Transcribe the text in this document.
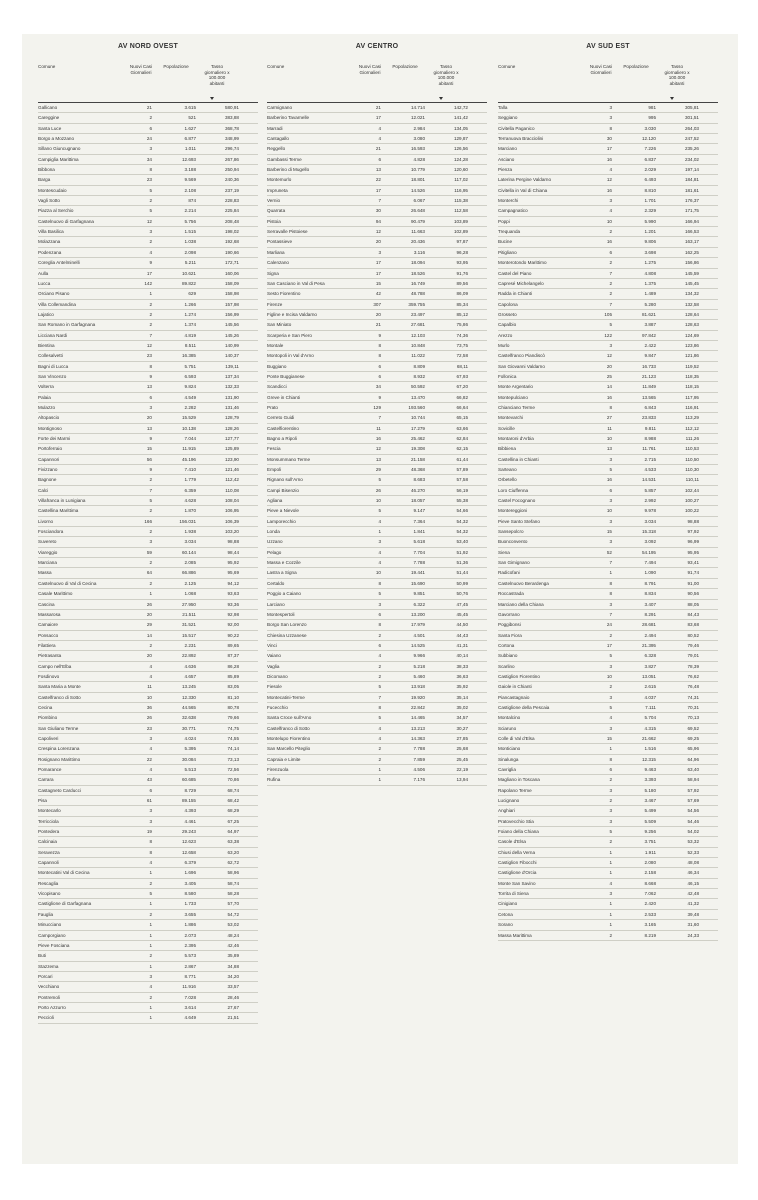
AV NORD OVEST
Comune	Nuovi Casi
Giornalieri
Popolazione	Tasso
giornaliero x
100.000
abitanti
Gallicano	21	3.615	580,91
Careggine	2	521	383,88
Santa Luce	6	1.627	368,78
Borgo a Mozzano	24	6.877	348,99
Sillano Giuncugnano	3	1.011	296,74
Campiglia Marittima	34	12.693	267,86
Bibbona	8	3.188	250,94
Barga	23	9.569	240,36
Montescudaio	5	2.108	237,19
Vagli Sotto	2	874	228,83
Piazza al Serchio	5	2.214	225,84
Castelnuovo di Garfagnana	12	5.756	208,48
Villa Basilica	3	1.515	198,02
Molazzana	2	1.038	192,68
Podenzana	4	2.098	190,66
Coreglia Antelminelli	9	5.211	172,71
Aulla	17	10.621	160,06
Lucca	142	89.822	158,09
Orciano Pisano	1	629	158,98
Villa Collemandina	2	1.266	157,98
Lajatico	2	1.274	156,99
San Romano in Garfagnana	2	1.374	145,56
Licciana Nardi	7	4.819	145,26
Bientina	12	8.511	140,99
Collesalvetti	23	16.385	140,37
Bagni di Lucca	8	5.751	139,11
San Vincenzo	9	6.593	137,34
Volterra	13	9.824	132,33
Palaia	6	4.549	131,90
Mulazzo	3	2.282	131,46
Altopascio	20	15.529	128,79
Montignoso	13	10.138	128,26
Forte dei Marmi	9	7.044	127,77
Portoferraio	15	11.915	125,89
Capannori	56	45.196	123,90
Fivizzano	9	7.410	121,46
Bagnone	2	1.779	112,42
Calci	7	6.359	110,08
Villafranca in Lunigiana	5	4.628	108,04
Castellina Marittima	2	1.870	106,95
Livorno	166	156.031	106,39
Fosciandora	2	1.938	103,20
Suvereto	3	3.034	98,88
Viareggio	59	60.144	98,44
Marciana	2	2.085	95,92
Massa	64	66.886	95,69
Castelnuovo di Val di Cecina	2	2.125	94,12
Casale Marittimo	1	1.068	93,63
Cascina	26	27.950	93,36
Massarosa	20	21.511	92,98
Camaiore	29	31.521	92,00
Ponsacco	14	15.517	90,22
Filattiera	2	2.231	89,65
Pietrasanta	20	22.892	87,37
Campo nell'Elba	4	4.636	86,28
Fosdinovo	4	4.657	85,89
Santa Maria a Monte	11	13.245	83,05
Castelfranco di Sotto	10	12.330	81,10
Cecina	36	44.565	80,78
Piombino	26	32.638	79,66
San Giuliano Terme	23	30.771	74,75
Capoliveri	3	4.024	74,55
Crespina Lorenzana	4	5.395	74,14
Rosignano Marittimo	22	30.084	73,13
Pomarance	4	5.513	72,56
Carrara	43	60.685	70,86
Castagneto Carducci	6	8.729	68,74
Pisa	61	89.155	68,42
Montecarlo	3	4.393	68,29
Terricciola	3	4.461	67,25
Pontedera	19	29.243	64,97
Calcinaia	8	12.623	63,38
Seravezza	8	12.658	63,20
Capannoli	4	6.379	62,72
Montecatini Val di Cecina	1	1.696	58,96
Rescaglia	2	3.405	58,74
Vicopisano	5	8.580	58,28
Castiglione di Garfagnana	1	1.733	57,70
Fauglia	2	3.655	54,72
Minucciano	1	1.886	53,02
Camporgiano	1	2.073	48,24
Pieve Fosciana	1	2.395	42,46
Buti	2	5.573	35,89
Stazzema	1	2.867	34,88
Porcari	3	8.771	34,20
Vecchiano	4	11.916	33,57
Pontremoli	2	7.028	28,46
Porto Azzurro	1	3.614	27,67
Peccioli	1	4.649	21,51
AV CENTRO
Comune	Nuovi Casi
Giornalieri
Popolazione	Tasso
giornaliero x
100.000
abitanti
Carmignano	21	14.714	142,72
Barberino Tavarnelle	17	12.021	141,42
Marradi	4	2.984	134,05
Cantagallo	4	3.080	129,87
Reggello	21	16.593	126,56
Gambassi Terme	6	4.828	124,28
Barberino di Mugello	13	10.779	120,60
Montemurlo	22	18.801	117,02
Impruneta	17	14.526	116,95
Vernio	7	6.067	115,38
Quarrata	30	26.648	112,58
Pistoia	94	90.479	103,89
Serravalle Pistoiese	12	11.663	102,89
Pontassieve	20	20.436	97,87
Marliana	3	3.116	96,28
Calenzano	17	18.094	93,95
Signa	17	18.526	91,76
San Casciano in Val di Pesa	15	16.749	89,56
Sesto Fiorentino	42	48.788	86,09
Firenze	307	359.755	85,34
Figline e Incisa Valdarno	20	23.497	85,12
San Miniato	21	27.681	75,86
Scarperia e San Piero	9	12.103	74,36
Montale	8	10.848	73,75
Montopoli in Val d'Arno	8	11.022	72,58
Buggiano	6	8.809	68,11
Ponte Buggianese	6	8.932	67,93
Scandicci	34	50.592	67,20
Greve in Chianti	9	13.470	66,82
Prato	129	193.560	66,64
Cerreto Guidi	7	10.744	65,15
Castelfiorentino	11	17.279	63,66
Bagno a Ripoli	16	25.462	62,84
Fescia	12	19.308	62,15
Monsummano Terme	13	21.158	61,44
Empoli	29	48.368	57,89
Rignano sull'Arno	5	8.683	57,58
Campi Bisenzio	26	46.270	56,19
Agliana	10	18.057	55,38
Pieve a Nievole	5	9.147	54,66
Lamporecchio	4	7.364	54,32
Londa	1	1.841	54,32
Uzzano	3	5.618	53,40
Pelago	4	7.704	51,92
Massa e Cozzile	4	7.788	51,36
Lastra a Signa	10	19.441	51,44
Certaldo	8	15.690	50,99
Poggio a Caiano	5	9.851	50,76
Larciano	3	6.322	47,45
Montespertoli	6	13.200	45,45
Borgo San Lorenzo	8	17.979	44,50
Chiesina Uzzanese	2	4.501	44,43
Vinci	6	14.525	41,31
Vaiano	4	9.966	40,14
Vaglia	2	5.218	38,33
Dicomano	2	5.460	36,63
Fiesole	5	13.918	35,92
Montecatini-Terme	7	19.920	35,14
Fucecchio	8	22.842	35,02
Santa Croce sull'Arno	5	14.465	34,57
Castelfranco di Sotto	4	13.213	30,27
Montelupo Fiorentino	4	14.363	27,85
San Marcello Piteglio	2	7.788	25,68
Capraia e Limite	2	7.859	25,45
Firenzuola	1	4.506	22,19
Rufina	1	7.176	13,94
AV SUD EST
Comune	Nuovi Casi
Giornalieri
Popolazione	Tasso
giornaliero x
100.000
abitanti
Talla	3	981	305,81
Seggiano	3	995	301,51
Civitella Paganico	8	3.030	264,03
Terranuova Bracciolini	30	12.120	247,52
Marciano	17	7.226	235,26
Asciano	16	6.837	234,02
Pienza	4	2.029	197,14
Laterina Pergine Valdarno	12	6.493	184,81
Civitella in Val di Chiana	16	8.810	181,61
Monterchi	3	1.701	176,37
Campagnatico	4	2.329	171,75
Poppi	10	5.990	166,94
Trequanda	2	1.201	166,53
Bucine	16	9.806	163,17
Pitigliano	6	3.698	162,25
Monterotondo Marittimo	2	1.275	156,86
Castel del Piano	7	4.808	145,59
Capresé Michelangelo	2	1.375	145,45
Radda in Chianti	2	1.489	134,32
Capolona	7	5.280	132,58
Grosseto	105	81.621	128,64
Capalbio	5	3.887	128,63
Arezzo	122	97.842	124,69
Murlo	3	2.422	123,86
Castelfranco Piandiscò	12	9.847	121,86
San Giovanni Valdarno	20	16.733	119,52
Follonica	25	21.123	118,35
Monte Argentario	14	11.849	118,15
Montepulciano	16	13.565	117,95
Chianciano Terme	8	6.843	116,91
Montevarchi	27	23.833	113,29
Sovicille	11	9.811	112,12
Montaroni d'Arbia	10	8.988	111,26
Bibbiena	13	11.761	110,53
Castellina in Chianti	3	2.715	110,50
Sarteano	5	4.533	110,30
Orbetello	16	14.531	110,11
Loro Ciuffenna	6	5.857	102,44
Castel Focognano	3	2.992	100,27
Montereggioni	10	9.978	100,22
Pieve Santo Stefano	3	3.034	98,88
Sansepolcro	15	15.318	97,92
Buonconvento	3	3.092	96,99
Siena	52	54.195	95,95
San Gimignano	7	7.494	93,41
Radicofani	1	1.090	91,74
Castelnuovo Berardenga	8	8.791	91,00
Roccastrada	8	8.834	90,56
Marciano della Chiana	3	3.407	88,05
Gavorrano	7	8.291	84,43
Poggibonsi	24	28.681	83,68
Santa Fiora	2	2.494	80,52
Cortona	17	21.395	79,46
Subbiano	5	6.328	79,01
Scarlino	3	3.827	78,39
Castiglion Fiorentino	10	13.051	76,62
Gaiole in Chianti	2	2.615	76,48
Piancastagnaio	3	4.037	74,31
Castiglione della Pescaia	5	7.111	70,31
Montalcino	4	5.704	70,13
Sciaruno	3	4.315	69,52
Colle di Val d'Elsa	15	21.662	69,25
Monticiano	1	1.516	65,96
Sinalunga	8	12.315	64,96
Cavriglia	6	9.463	63,40
Magliano in Toscana	2	3.393	58,94
Rapolano Terme	3	5.180	57,92
Lucignano	2	3.467	57,69
Anghiari	3	5.499	54,56
Pratovecchio Stia	3	5.509	54,46
Foiano della Chiana	5	9.256	54,02
Casole d'Elsa	2	3.751	53,32
Chiusi della Verna	1	1.911	52,33
Castiglion Fibocchi	1	2.080	48,08
Castiglione d'Orcia	1	2.158	46,34
Monte San Savino	4	8.668	46,15
Torrita di Siena	3	7.062	42,48
Cinigiano	1	2.420	41,32
Cetona	1	2.533	39,48
Sorano	1	3.165	31,60
Massa Marittima	2	8.219	24,33
